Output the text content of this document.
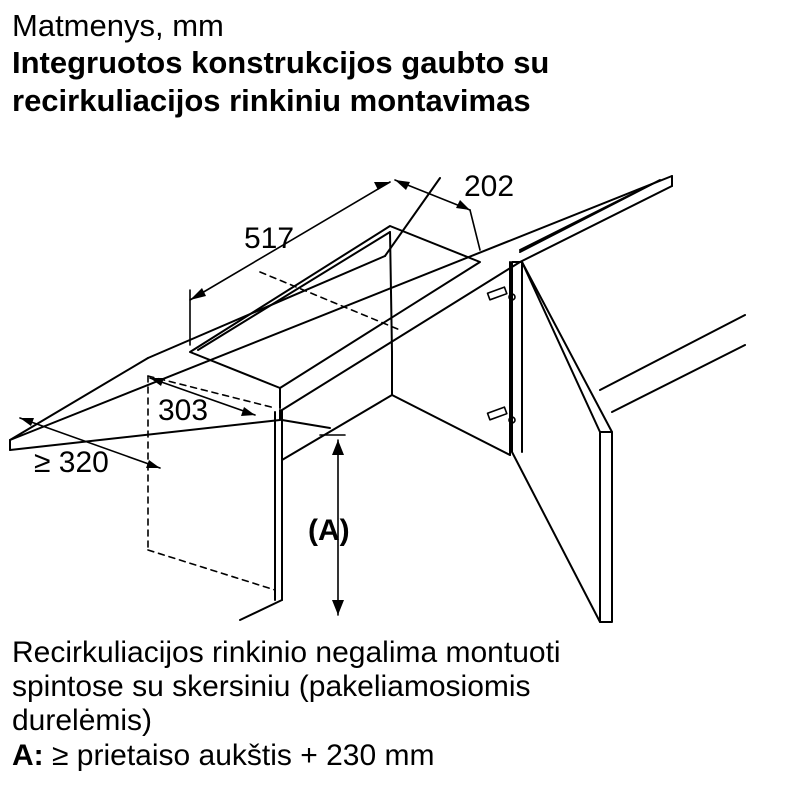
Matmenys, mm

Integruotos konstrukcijos gaubto su
recirkuliacijos rinkiniu montavimas
517
202
303
≥ 320
(A)

Recirkuliacijos rinkinio negalima montuoti

spintose su skersiniu (pakeliamosiomis

durelėmis)

A: ≥ prietaiso aukštis + 230 mm
